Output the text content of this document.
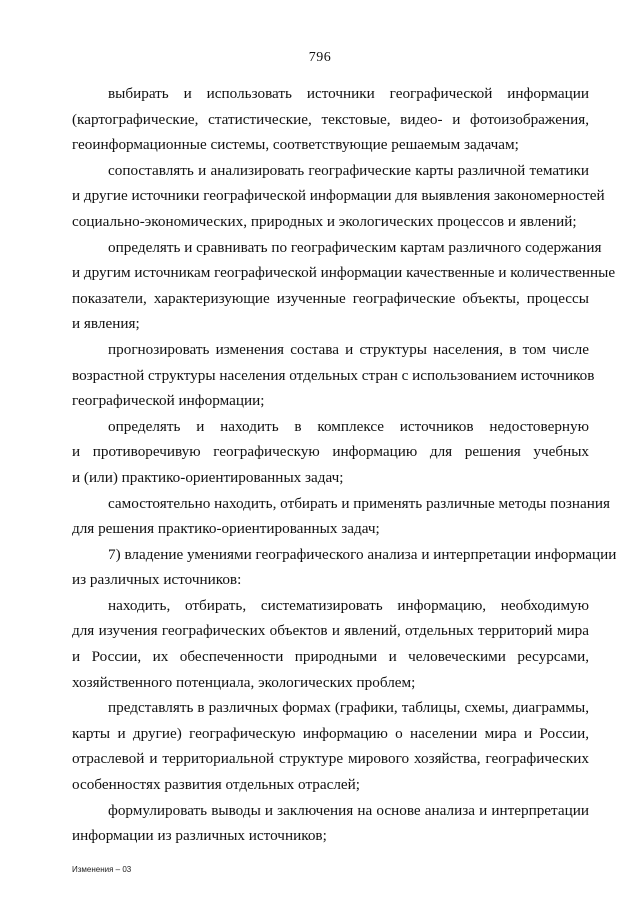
796
выбирать и использовать источники географической информации
(картографические, статистические, текстовые, видео- и фотоизображения,
геоинформационные системы, соответствующие решаемым задачам;
сопоставлять и анализировать географические карты различной тематики
и другие источники географической информации для выявления закономерностей
социально-экономических, природных и экологических процессов и явлений;
определять и сравнивать по географическим картам различного содержания
и другим источникам географической информации качественные и количественные
показатели, характеризующие изученные географические объекты, процессы
и явления;
прогнозировать изменения состава и структуры населения, в том числе
возрастной структуры населения отдельных стран с использованием источников
географической информации;
определять и находить в комплексе источников недостоверную
и противоречивую географическую информацию для решения учебных
и (или) практико-ориентированных задач;
самостоятельно находить, отбирать и применять различные методы познания
для решения практико-ориентированных задач;
7) владение умениями географического анализа и интерпретации информации
из различных источников:
находить, отбирать, систематизировать информацию, необходимую
для изучения географических объектов и явлений, отдельных территорий мира
и России, их обеспеченности природными и человеческими ресурсами,
хозяйственного потенциала, экологических проблем;
представлять в различных формах (графики, таблицы, схемы, диаграммы,
карты и другие) географическую информацию о населении мира и России,
отраслевой и территориальной структуре мирового хозяйства, географических
особенностях развития отдельных отраслей;
формулировать выводы и заключения на основе анализа и интерпретации
информации из различных источников;
Изменения – 03
